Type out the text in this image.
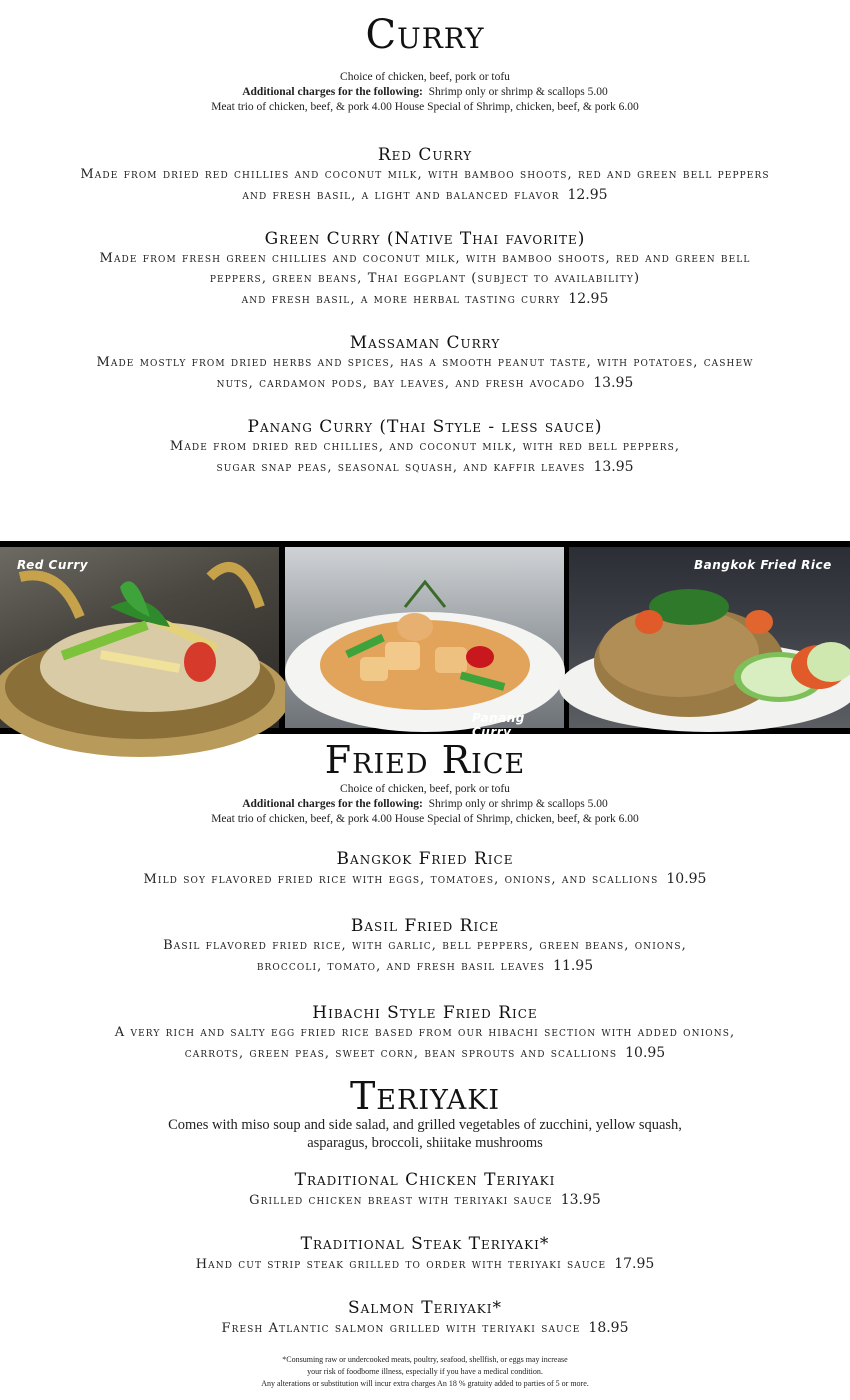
Curry
Choice of chicken, beef, pork or tofu
Additional charges for the following: Shrimp only or shrimp & scallops 5.00
Meat trio of chicken, beef, & pork 4.00 House Special of Shrimp, chicken, beef, & pork 6.00
Red Curry
Made from dried red chillies and coconut milk, with bamboo shoots, red and green bell peppers
and fresh basil, a light and balanced flavor 12.95
Green Curry (Native Thai favorite)
Made from fresh green chillies and coconut milk, with bamboo shoots, red and green bell
peppers, green beans, Thai eggplant (subject to availability)
and fresh basil, a more herbal tasting curry 12.95
Massaman Curry
Made mostly from dried herbs and spices, has a smooth peanut taste, with potatoes, cashew
nuts, cardamon pods, bay leaves, and fresh avocado 13.95
Panang Curry (Thai Style - less sauce)
Made from dried red chillies, and coconut milk, with red bell peppers,
sugar snap peas, seasonal squash, and kaffir leaves 13.95
Red Curry
Panang Curry
Bangkok Fried Rice
Fried Rice
Choice of chicken, beef, pork or tofu
Additional charges for the following: Shrimp only or shrimp & scallops 5.00
Meat trio of chicken, beef, & pork 4.00 House Special of Shrimp, chicken, beef, & pork 6.00
Bangkok Fried Rice
Mild soy flavored fried rice with eggs, tomatoes, onions, and scallions 10.95
Basil Fried Rice
Basil flavored fried rice, with garlic, bell peppers, green beans, onions,
broccoli, tomato, and fresh basil leaves 11.95
Hibachi Style Fried Rice
A very rich and salty egg fried rice based from our hibachi section with added onions,
carrots, green peas, sweet corn, bean sprouts and scallions 10.95
Teriyaki
Comes with miso soup and side salad, and grilled vegetables of zucchini, yellow squash,
asparagus, broccoli, shiitake mushrooms
Traditional Chicken Teriyaki
Grilled chicken breast with teriyaki sauce 13.95
Traditional Steak Teriyaki*
Hand cut strip steak grilled to order with teriyaki sauce 17.95
Salmon Teriyaki*
Fresh Atlantic salmon grilled with teriyaki sauce 18.95
*Consuming raw or undercooked meats, poultry, seafood, shellfish, or eggs may increase
your risk of foodborne illness, especially if you have a medical condition.
Any alterations or substitution will incur extra charges An 18 % gratuity added to parties of 5 or more.
